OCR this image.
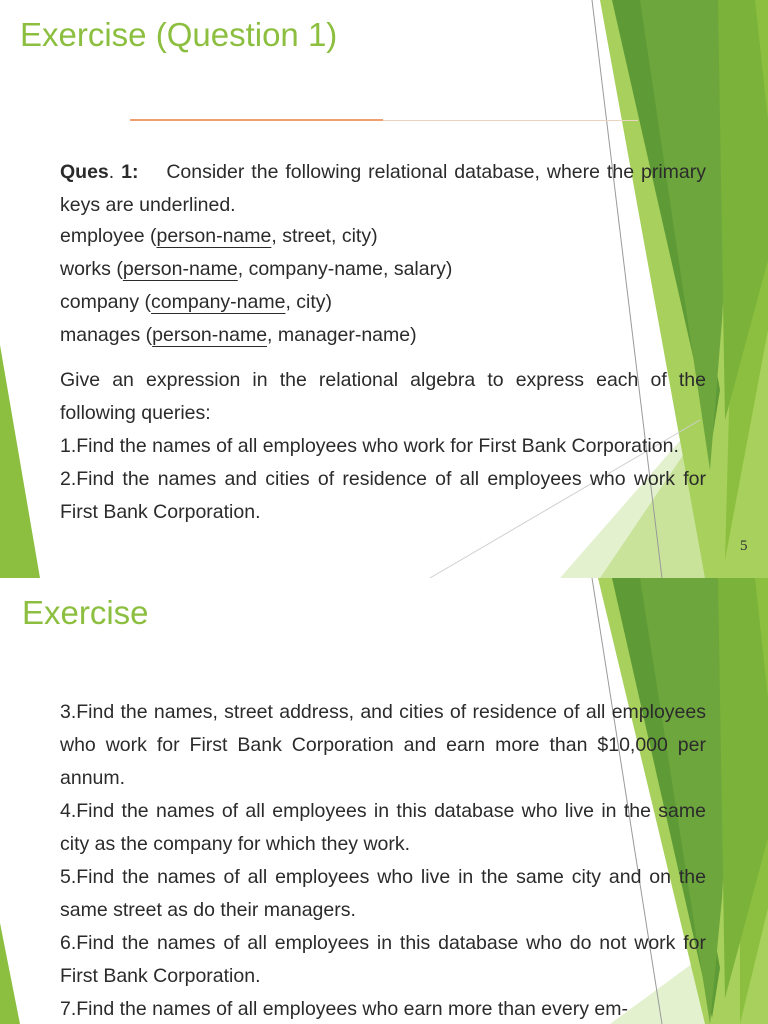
Exercise (Question 1)

Ques. 1: Consider the following relational database, where the primary keys are underlined.

employee (person-name, street, city)

works (person-name, company-name, salary)

company (company-name, city)

manages (person-name, manager-name)

Give an expression in the relational algebra to express each of the following queries:

1.Find the names of all employees who work for First Bank Corporation.

2.Find the names and cities of residence of all employees who work for First Bank Corporation.

5
Exercise

3.Find the names, street address, and cities of residence of all employees who work for First Bank Corporation and earn more than $10,000 per annum.

4.Find the names of all employees in this database who live in the same city as the company for which they work.

5.Find the names of all employees who live in the same city and on the same street as do their managers.

6.Find the names of all employees in this database who do not work for First Bank Corporation.

7.Find the names of all employees who earn more than every em-
